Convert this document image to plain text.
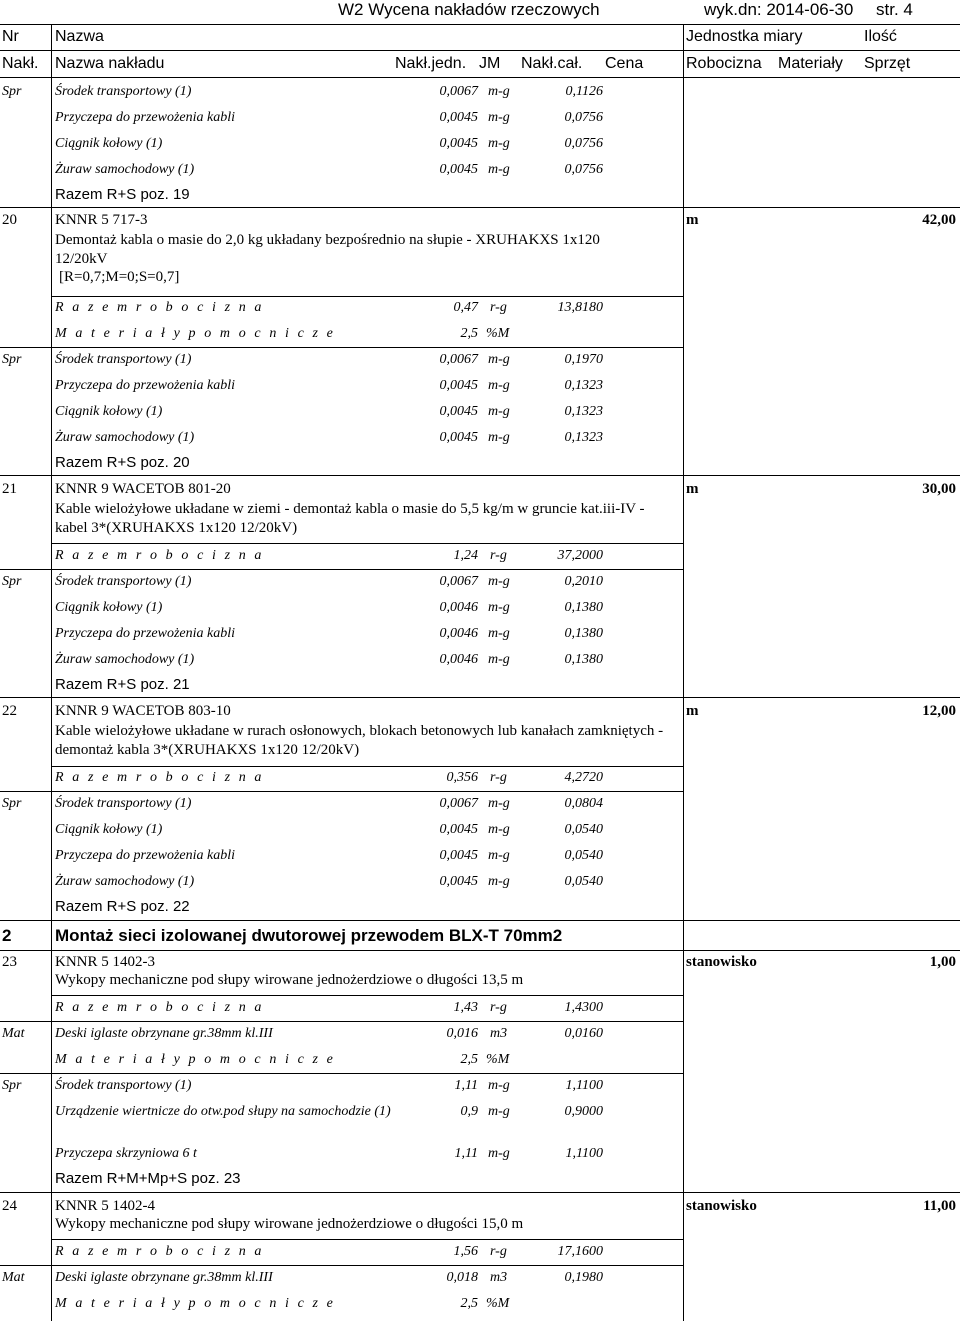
W2 Wycena nakładów rzeczowych	wyk.dn: 2014-06-30 str. 4
Nr Nazwa	Jednostka miary	Ilość
Nakł. Nazwa nakładu	Nakł.jedn. JM Nakł.cał. Cena	Robocizna Materiały Sprzęt
Spr Środek transportowy (1)	0,0067 m-g	0,1126
Przyczepa do przewożenia kabli	0,0045 m-g	0,0756
Ciągnik kołowy (1)	0,0045 m-g	0,0756
Żuraw samochodowy (1)	0,0045 m-g	0,0756
Razem R+S poz. 19
20	KNNR 5 717-3
Demontaż kabla o masie do 2,0 kg układany bezpośrednio na słupie - XRUHAKXS 1x120 12/20kV
[R=0,7;M=0;S=0,7]
m	42,00
R a z e m r o b o c i z n a	0,47 r-g	13,8180
M a t e r i a ł y p o m o c n i c z e	2,5 %M
Spr Środek transportowy (1)	0,0067 m-g	0,1970
Przyczepa do przewożenia kabli	0,0045 m-g	0,1323
Ciągnik kołowy (1)	0,0045 m-g	0,1323
Żuraw samochodowy (1)	0,0045 m-g	0,1323
Razem R+S poz. 20
21	KNNR 9 WACETOB 801-20
Kable wielożyłowe układane w ziemi - demontaż kabla o masie do 5,5 kg/m w gruncie kat.iii-IV - kabel 3*(XRUHAKXS 1x120 12/20kV)
m	30,00
R a z e m r o b o c i z n a	1,24 r-g	37,2000
Spr Środek transportowy (1)	0,0067 m-g	0,2010
Ciągnik kołowy (1)	0,0046 m-g	0,1380
Przyczepa do przewożenia kabli	0,0046 m-g	0,1380
Żuraw samochodowy (1)	0,0046 m-g	0,1380
Razem R+S poz. 21
22	KNNR 9 WACETOB 803-10
Kable wielożyłowe układane w rurach osłonowych, blokach betonowych lub kanałach zamkniętych - demontaż kabla 3*(XRUHAKXS 1x120 12/20kV)
m	12,00
R a z e m r o b o c i z n a	0,356 r-g	4,2720
Spr Środek transportowy (1)	0,0067 m-g	0,0804
Ciągnik kołowy (1)	0,0045 m-g	0,0540
Przyczepa do przewożenia kabli	0,0045 m-g	0,0540
Żuraw samochodowy (1)	0,0045 m-g	0,0540
Razem R+S poz. 22
2	Montaż sieci izolowanej dwutorowej przewodem BLX-T 70mm2
23	KNNR 5 1402-3
Wykopy mechaniczne pod słupy wirowane jednożerdziowe o długości 13,5 m
stanowisko	1,00
R a z e m r o b o c i z n a	1,43 r-g	1,4300
Mat Deski iglaste obrzynane gr.38mm kl.III	0,016 m3	0,0160
M a t e r i a ł y p o m o c n i c z e	2,5 %M
Spr Środek transportowy (1)	1,11 m-g	1,1100
Urządzenie wiertnicze do otw.pod słupy na samochodzie (1)	0,9 m-g	0,9000
Przyczepa skrzyniowa 6 t	1,11 m-g	1,1100
Razem R+M+Mp+S poz. 23
24	KNNR 5 1402-4
Wykopy mechaniczne pod słupy wirowane jednożerdziowe o długości 15,0 m
stanowisko	11,00
R a z e m r o b o c i z n a	1,56 r-g	17,1600
Mat Deski iglaste obrzynane gr.38mm kl.III	0,018 m3	0,1980
M a t e r i a ł y p o m o c n i c z e	2,5 %M
